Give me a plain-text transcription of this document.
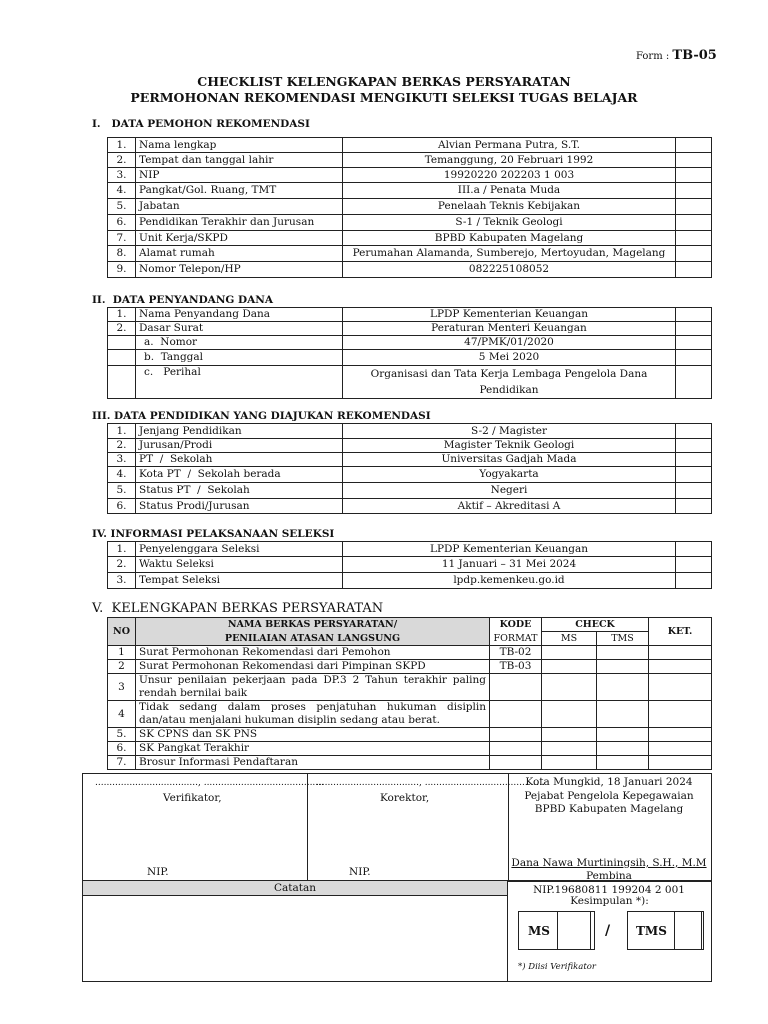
Form : TB-05
CHECKLIST KELENGKAPAN BERKAS PERSYARATAN
PERMOHONAN REKOMENDASI MENGIKUTI SELEKSI TUGAS BELAJAR
I.   DATA PEMOHON REKOMENDASI
1.	Nama lengkap	Alvian Permana Putra, S.T.	
2.	Tempat dan tanggal lahir	Temanggung, 20 Februari 1992	
3.	NIP	19920220 202203 1 003	
4.	Pangkat/Gol. Ruang, TMT	III.a / Penata Muda	
5.	Jabatan	Penelaah Teknis Kebijakan	
6.	Pendidikan Terakhir dan Jurusan	S-1 / Teknik Geologi	
7.	Unit Kerja/SKPD	BPBD Kabupaten Magelang	
8.	Alamat rumah	Perumahan Alamanda, Sumberejo, Mertoyudan, Magelang	
9.	Nomor Telepon/HP	082225108052	
II.  DATA PENYANDANG DANA
1.	Nama Penyandang Dana	LPDP Kementerian Keuangan	
2.	Dasar Surat	Peraturan Menteri Keuangan	
	a.  Nomor	47/PMK/01/2020	
	b.  Tanggal	5 Mei 2020	
	c.   Perihal	Organisasi dan Tata Kerja Lembaga Pengelola Dana Pendidikan	
III. DATA PENDIDIKAN YANG DIAJUKAN REKOMENDASI
1.	Jenjang Pendidikan	S-2 / Magister	
2.	Jurusan/Prodi	Magister Teknik Geologi	
3.	PT  /  Sekolah	Universitas Gadjah Mada	
4.	Kota PT  /  Sekolah berada	Yogyakarta	
5.	Status PT  /  Sekolah	Negeri	
6.	Status Prodi/Jurusan	Aktif – Akreditasi A	
IV. INFORMASI PELAKSANAAN SELEKSI
1.	Penyelenggara Seleksi	LPDP Kementerian Keuangan	
2.	Waktu Seleksi	11 Januari – 31 Mei 2024	
3.	Tempat Seleksi	lpdp.kemenkeu.go.id	
V.  KELENGKAPAN BERKAS PERSYARATAN
NO	NAMA BERKAS PERSYARATAN/	KODE	CHECK		KET.
	PENILAIAN ATASAN LANGSUNG	FORMAT	MS	TMS	
1	Surat Permohonan Rekomendasi dari Pemohon	TB-02			
2	Surat Permohonan Rekomendasi dari Pimpinan SKPD	TB-03			
3	Unsur penilaian pekerjaan pada DP.3 2 Tahun terakhir paling rendah bernilai baik				
4	Tidak sedang dalam proses penjatuhan hukuman disiplin dan/atau menjalani hukuman disiplin sedang atau berat.				
5.	SK CPNS dan SK PNS				
6.	SK Pangkat Terakhir				
7.	Brosur Informasi Pendaftaran				
...................................., ..........................................
Verifikator,
NIP.
...................................., ..........................................
Korektor,
NIP.
Kota Mungkid, 18 Januari 2024
Pejabat Pengelola Kepegawaian
BPBD Kabupaten Magelang
Dana Nawa Murtiningsih, S.H., M.M
Pembina
NIP.19680811 199204 2 001
Catatan
Kesimpulan *):
MS	/ TMS
*) Diisi Verifikator
